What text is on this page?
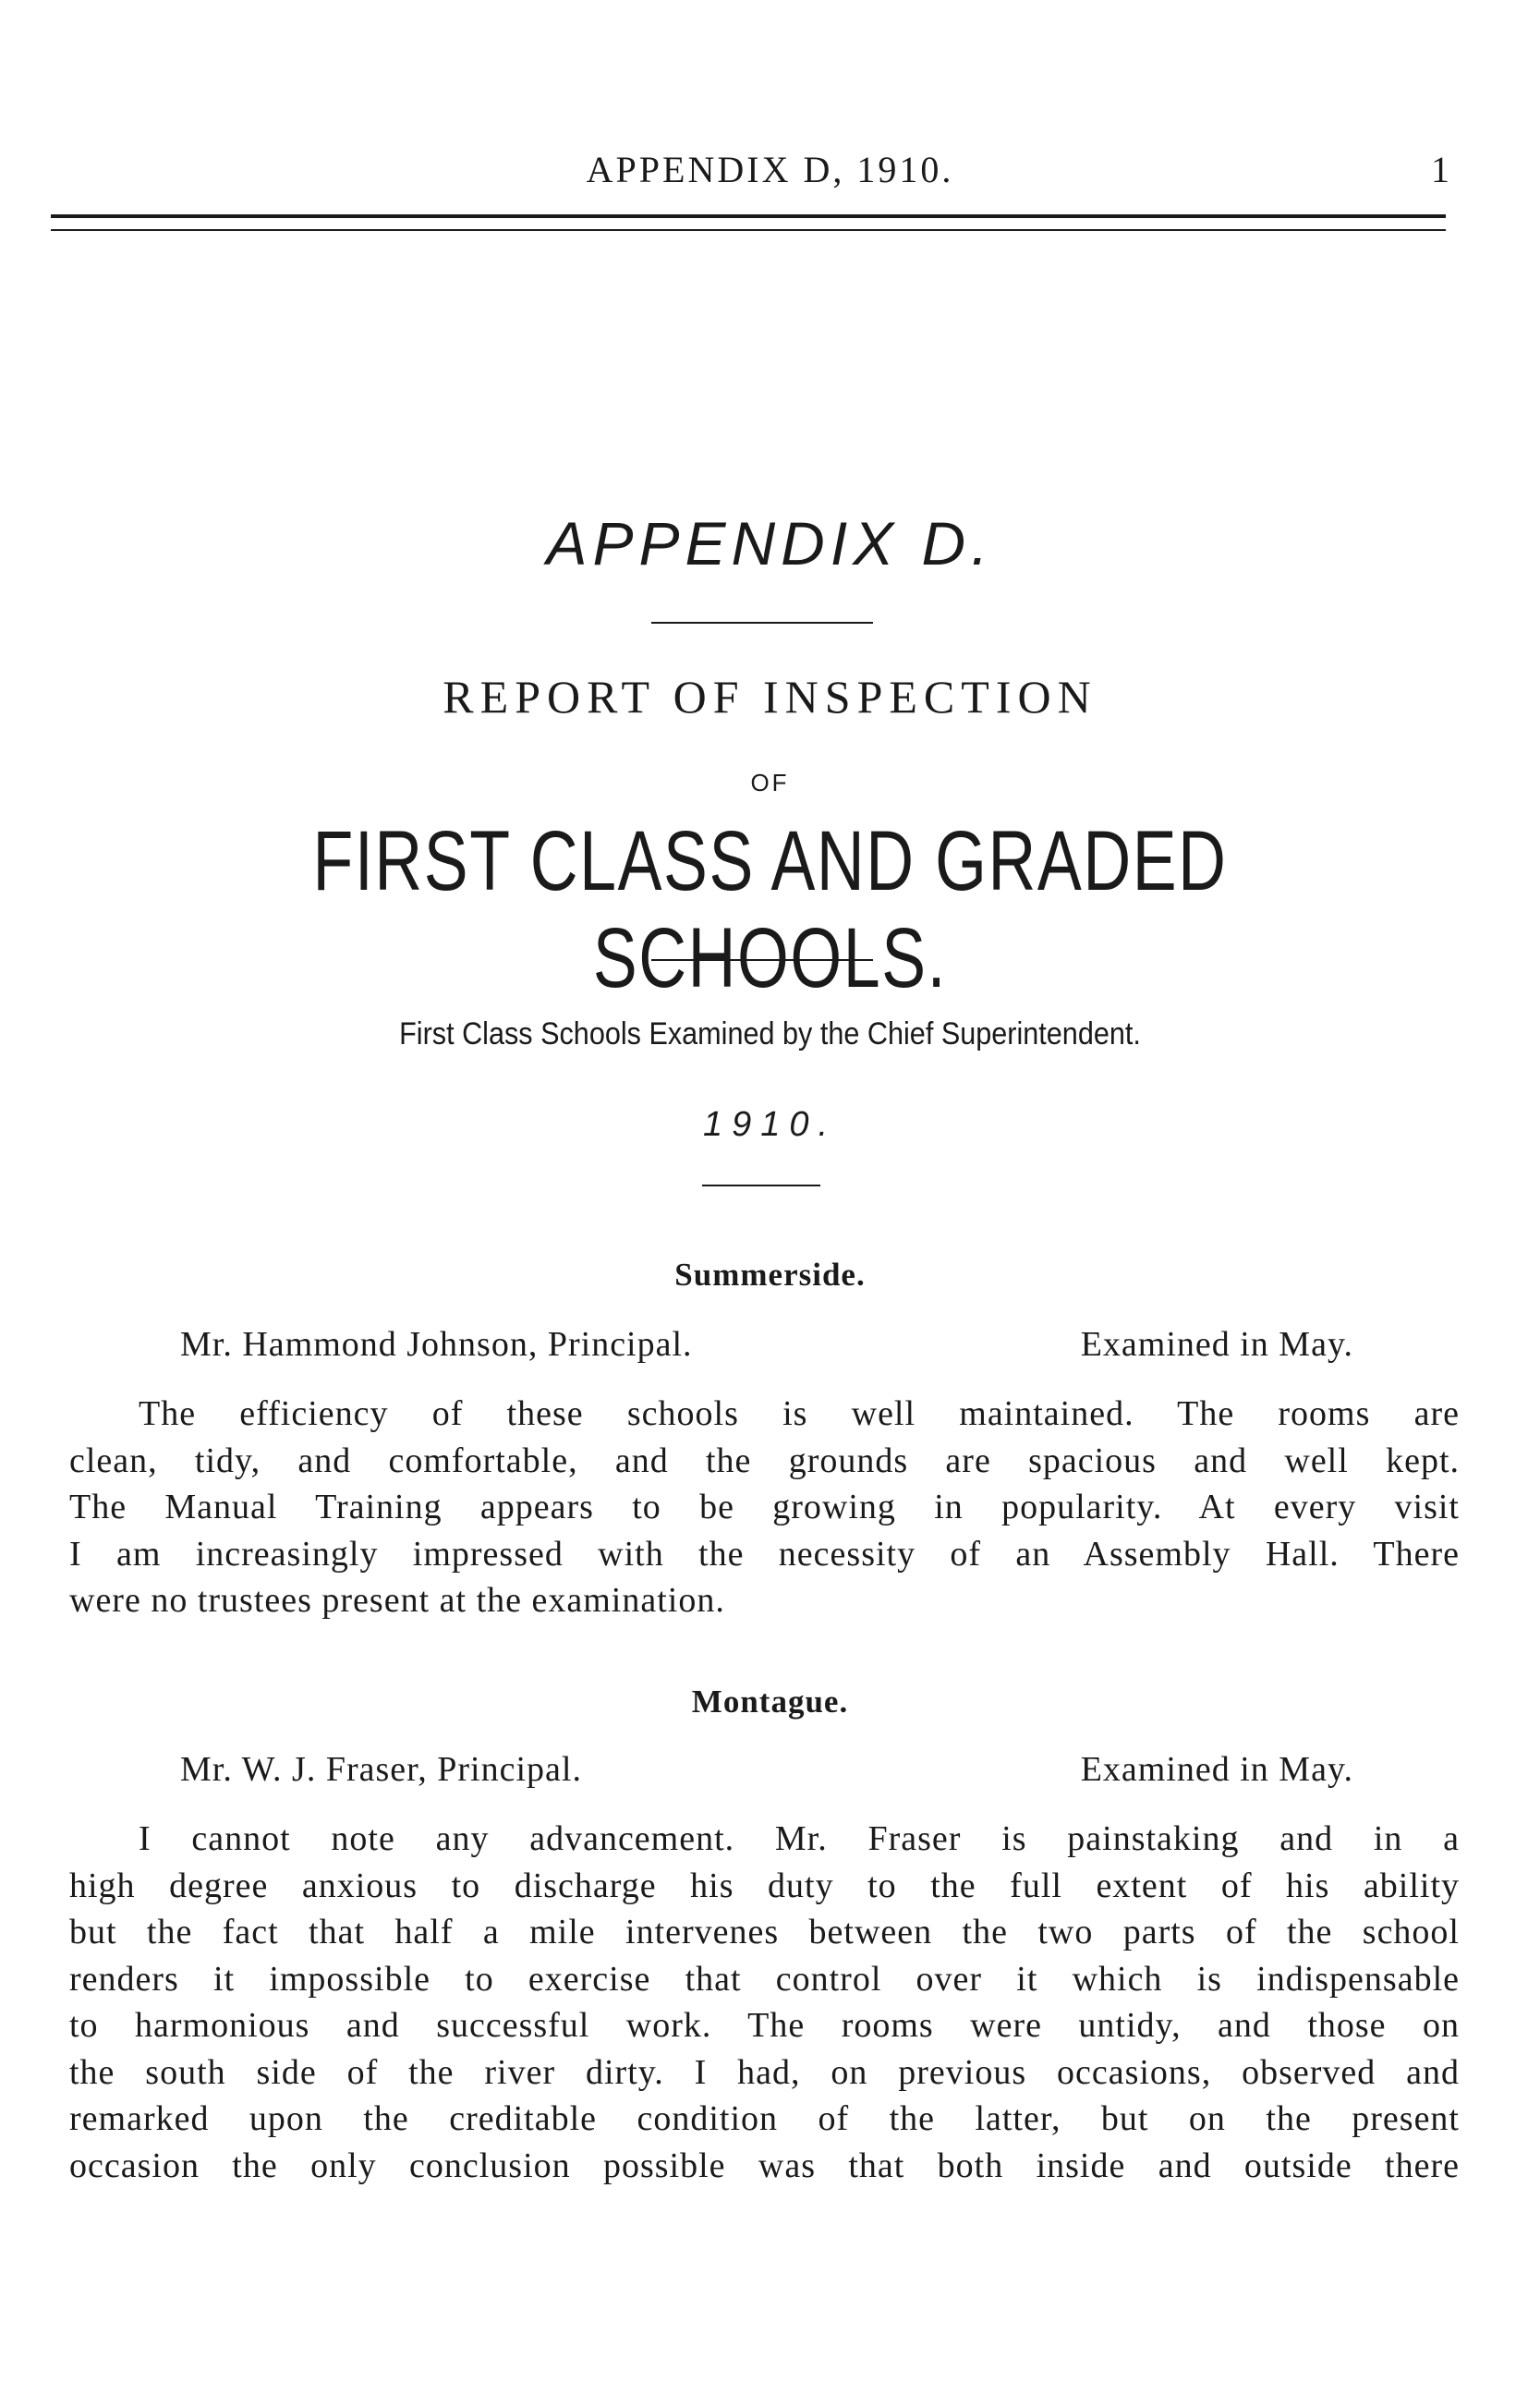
APPENDIX D, 1910.	1
APPENDIX D.
REPORT OF INSPECTION
OF
FIRST CLASS AND GRADED SCHOOLS.
First Class Schools Examined by the Chief Superintendent.
1910.
Summerside.
Mr. Hammond Johnson, Principal.	Examined in May.
The efficiency of these schools is well maintained. The rooms are
clean, tidy, and comfortable, and the grounds are spacious and well kept.
The Manual Training appears to be growing in popularity. At every visit
I am increasingly impressed with the necessity of an Assembly Hall. There
were no trustees present at the examination.
Montague.
Mr. W. J. Fraser, Principal.	Examined in May.
I cannot note any advancement. Mr. Fraser is painstaking and in a
high degree anxious to discharge his duty to the full extent of his ability
but the fact that half a mile intervenes between the two parts of the school
renders it impossible to exercise that control over it which is indispensable
to harmonious and successful work. The rooms were untidy, and those on
the south side of the river dirty. I had, on previous occasions, observed and
remarked upon the creditable condition of the latter, but on the present
occasion the only conclusion possible was that both inside and outside there
